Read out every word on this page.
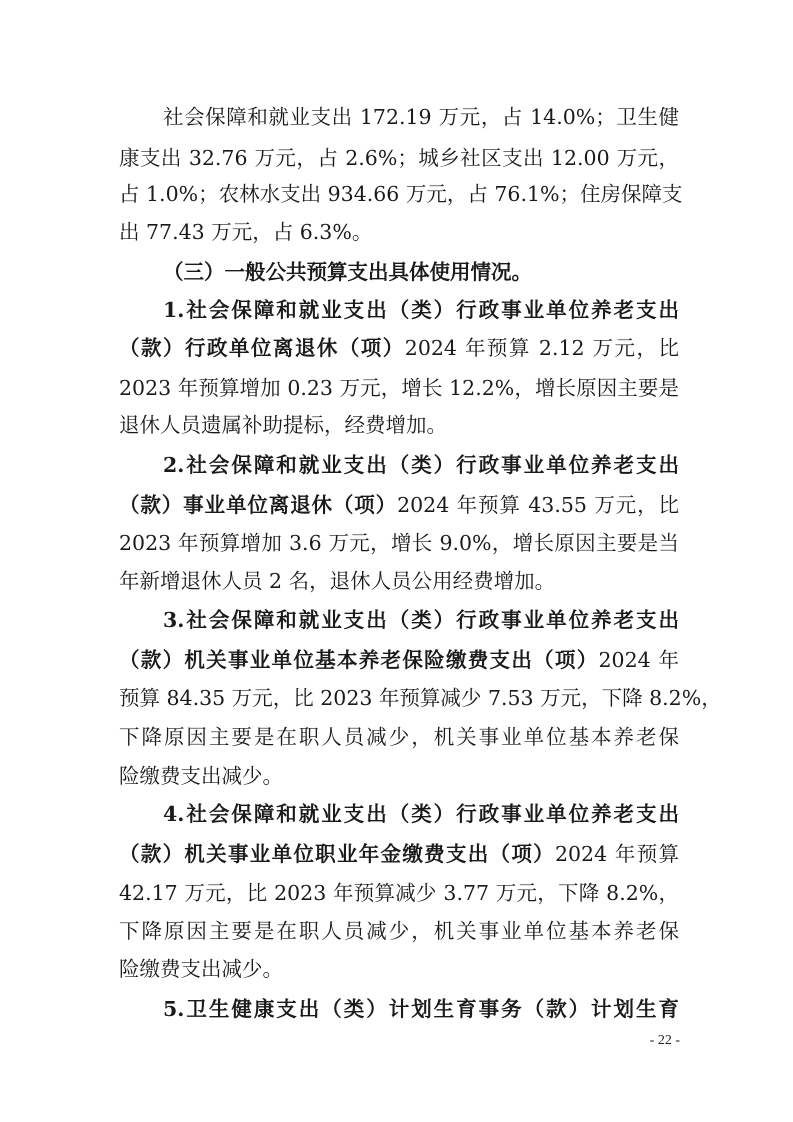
社会保障和就业支出 172.19 万元，占 14.0%；卫生健
康支出 32.76 万元，占 2.6%；城乡社区支出 12.00 万元，
占 1.0%；农林水支出 934.66 万元，占 76.1%；住房保障支
出 77.43 万元，占 6.3%。
（三）一般公共预算支出具体使用情况。
1.社会保障和就业支出（类）行政事业单位养老支出
（款）行政单位离退休（项）2024 年预算 2.12 万元，比
2023 年预算增加 0.23 万元，增长 12.2%，增长原因主要是
退休人员遗属补助提标，经费增加。
2.社会保障和就业支出（类）行政事业单位养老支出
（款）事业单位离退休（项）2024 年预算 43.55 万元，比
2023 年预算增加 3.6 万元，增长 9.0%，增长原因主要是当
年新增退休人员 2 名，退休人员公用经费增加。
3.社会保障和就业支出（类）行政事业单位养老支出
（款）机关事业单位基本养老保险缴费支出（项）2024 年
预算 84.35 万元，比 2023 年预算减少 7.53 万元，下降 8.2%，
下降原因主要是在职人员减少，机关事业单位基本养老保
险缴费支出减少。
4.社会保障和就业支出（类）行政事业单位养老支出
（款）机关事业单位职业年金缴费支出（项）2024 年预算
42.17 万元，比 2023 年预算减少 3.77 万元，下降 8.2%，
下降原因主要是在职人员减少，机关事业单位基本养老保
险缴费支出减少。
5.卫生健康支出（类）计划生育事务（款）计划生育
- 22 -
